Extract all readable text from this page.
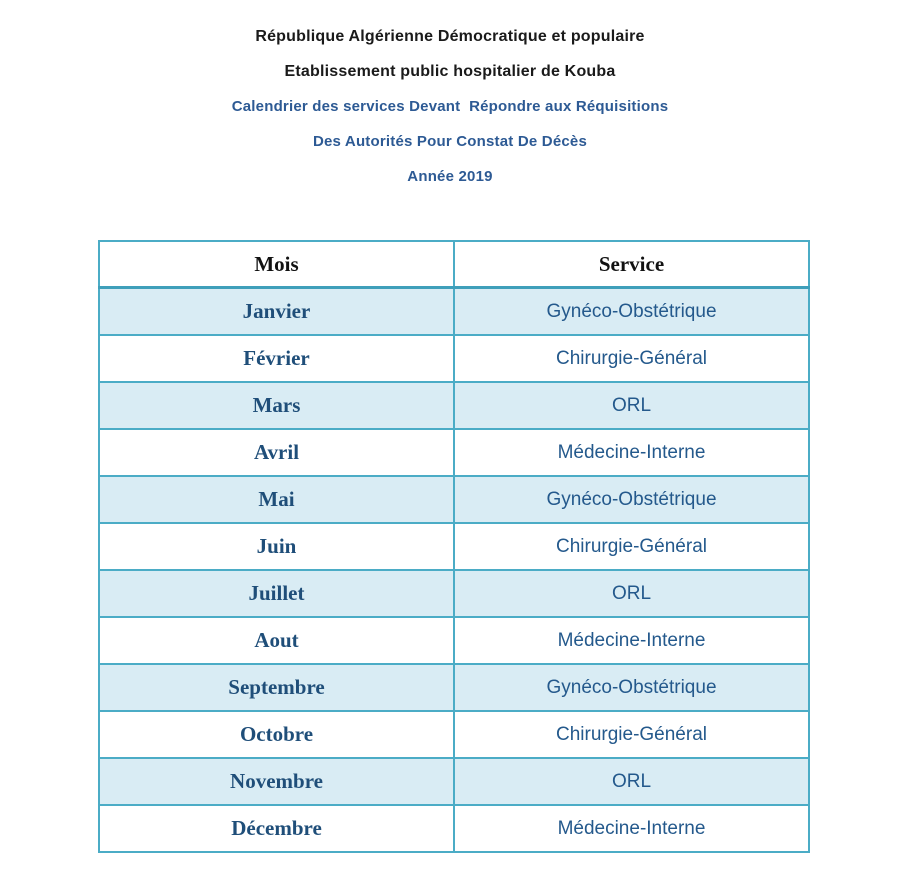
République Algérienne Démocratique et populaire

Etablissement public hospitalier de Kouba

Calendrier des services Devant  Répondre aux Réquisitions

Des Autorités Pour Constat De Décès

Année 2019

Mois	Service
Janvier	Gynéco-Obstétrique
Février	Chirurgie-Général
Mars	ORL
Avril	Médecine-Interne
Mai	Gynéco-Obstétrique
Juin	Chirurgie-Général
Juillet	ORL
Aout	Médecine-Interne
Septembre	Gynéco-Obstétrique
Octobre	Chirurgie-Général
Novembre	ORL
Décembre	Médecine-Interne
